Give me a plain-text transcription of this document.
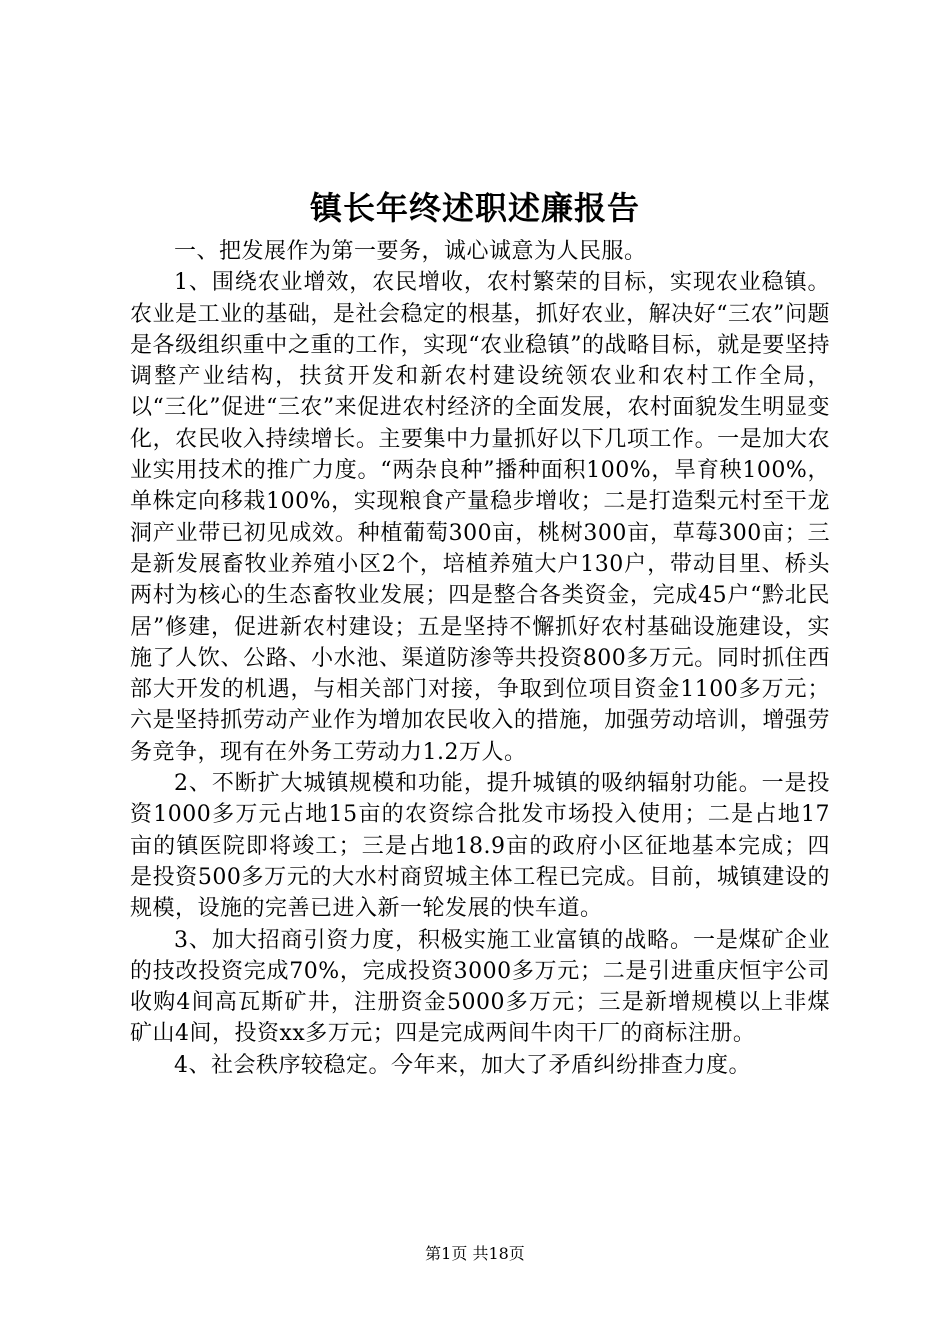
镇长年终述职述廉报告

一、把发展作为第一要务，诚心诚意为人民服。

1、围绕农业增效，农民增收，农村繁荣的目标，实现农业稳镇。农业是工业的基础，是社会稳定的根基，抓好农业，解决好“三农”问题是各级组织重中之重的工作，实现“农业稳镇”的战略目标，就是要坚持调整产业结构，扶贫开发和新农村建设统领农业和农村工作全局，以“三化”促进“三农”来促进农村经济的全面发展，农村面貌发生明显变化，农民收入持续增长。主要集中力量抓好以下几项工作。一是加大农业实用技术的推广力度。“两杂良种”播种面积100%，旱育秧100%，单株定向移栽100%，实现粮食产量稳步增收；二是打造梨元村至干龙洞产业带已初见成效。种植葡萄300亩，桃树300亩，草莓300亩；三是新发展畜牧业养殖小区2个，培植养殖大户130户，带动目里、桥头两村为核心的生态畜牧业发展；四是整合各类资金，完成45户“黔北民居”修建，促进新农村建设；五是坚持不懈抓好农村基础设施建设，实施了人饮、公路、小水池、渠道防渗等共投资800多万元。同时抓住西部大开发的机遇，与相关部门对接，争取到位项目资金1100多万元；六是坚持抓劳动产业作为增加农民收入的措施，加强劳动培训，增强劳务竞争，现有在外务工劳动力1.2万人。

2、不断扩大城镇规模和功能，提升城镇的吸纳辐射功能。一是投资1000多万元占地15亩的农资综合批发市场投入使用；二是占地17亩的镇医院即将竣工；三是占地18.9亩的政府小区征地基本完成；四是投资500多万元的大水村商贸城主体工程已完成。目前，城镇建设的规模，设施的完善已进入新一轮发展的快车道。

3、加大招商引资力度，积极实施工业富镇的战略。一是煤矿企业的技改投资完成70%，完成投资3000多万元；二是引进重庆恒宇公司收购4间高瓦斯矿井，注册资金5000多万元；三是新增规模以上非煤矿山4间，投资xx多万元；四是完成两间牛肉干厂的商标注册。

4、社会秩序较稳定。今年来，加大了矛盾纠纷排查力度。

第1页 共18页
